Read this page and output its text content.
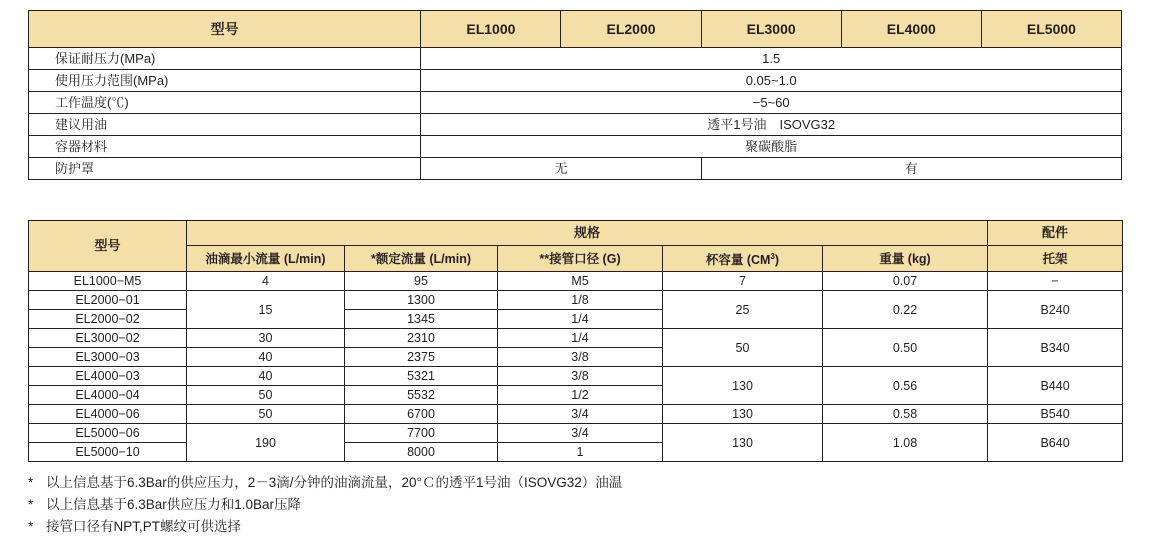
型号	EL1000	EL2000	EL3000	EL4000	EL5000
保证耐压力(MPa)	1.5				
使用压力范围(MPa)	0.05~1.0				
工作温度(℃)	−5~60				
建议用油	透平1号油　ISOVG32				
容器材料	聚碳酸脂				
防护罩	无		有		
型号	规格					配件
	油滴最小流量 (L/min)	*额定流量 (L/min)	**接管口径 (G)	杯容量 $(CM^3)$	重量 (kg)	托架
EL1000−M5	4	95	M5	7	0.07	−
EL2000−01	15	1300	1/8	25	0.22	B240
EL2000−02		1345	1/4			
EL3000−02	30	2310	1/4	50	0.50	B340
EL3000−03	40	2375	3/8			
EL4000−03	40	5321	3/8	130	0.56	B440
EL4000−04	50	5532	1/2			
EL4000−06	50	6700	3/4	130	0.58	B540
EL5000−06	190	7700	3/4	130	1.08	B640
EL5000−10		8000	1			
* 以上信息基于6.3Bar的供应压力，2－3滴/分钟的油滴流量，20°Ｃ的透平1号油（ISOVG32）油温
* 以上信息基于6.3Bar供应压力和1.0Bar压降
* 接管口径有NPT,PT螺纹可供选择
